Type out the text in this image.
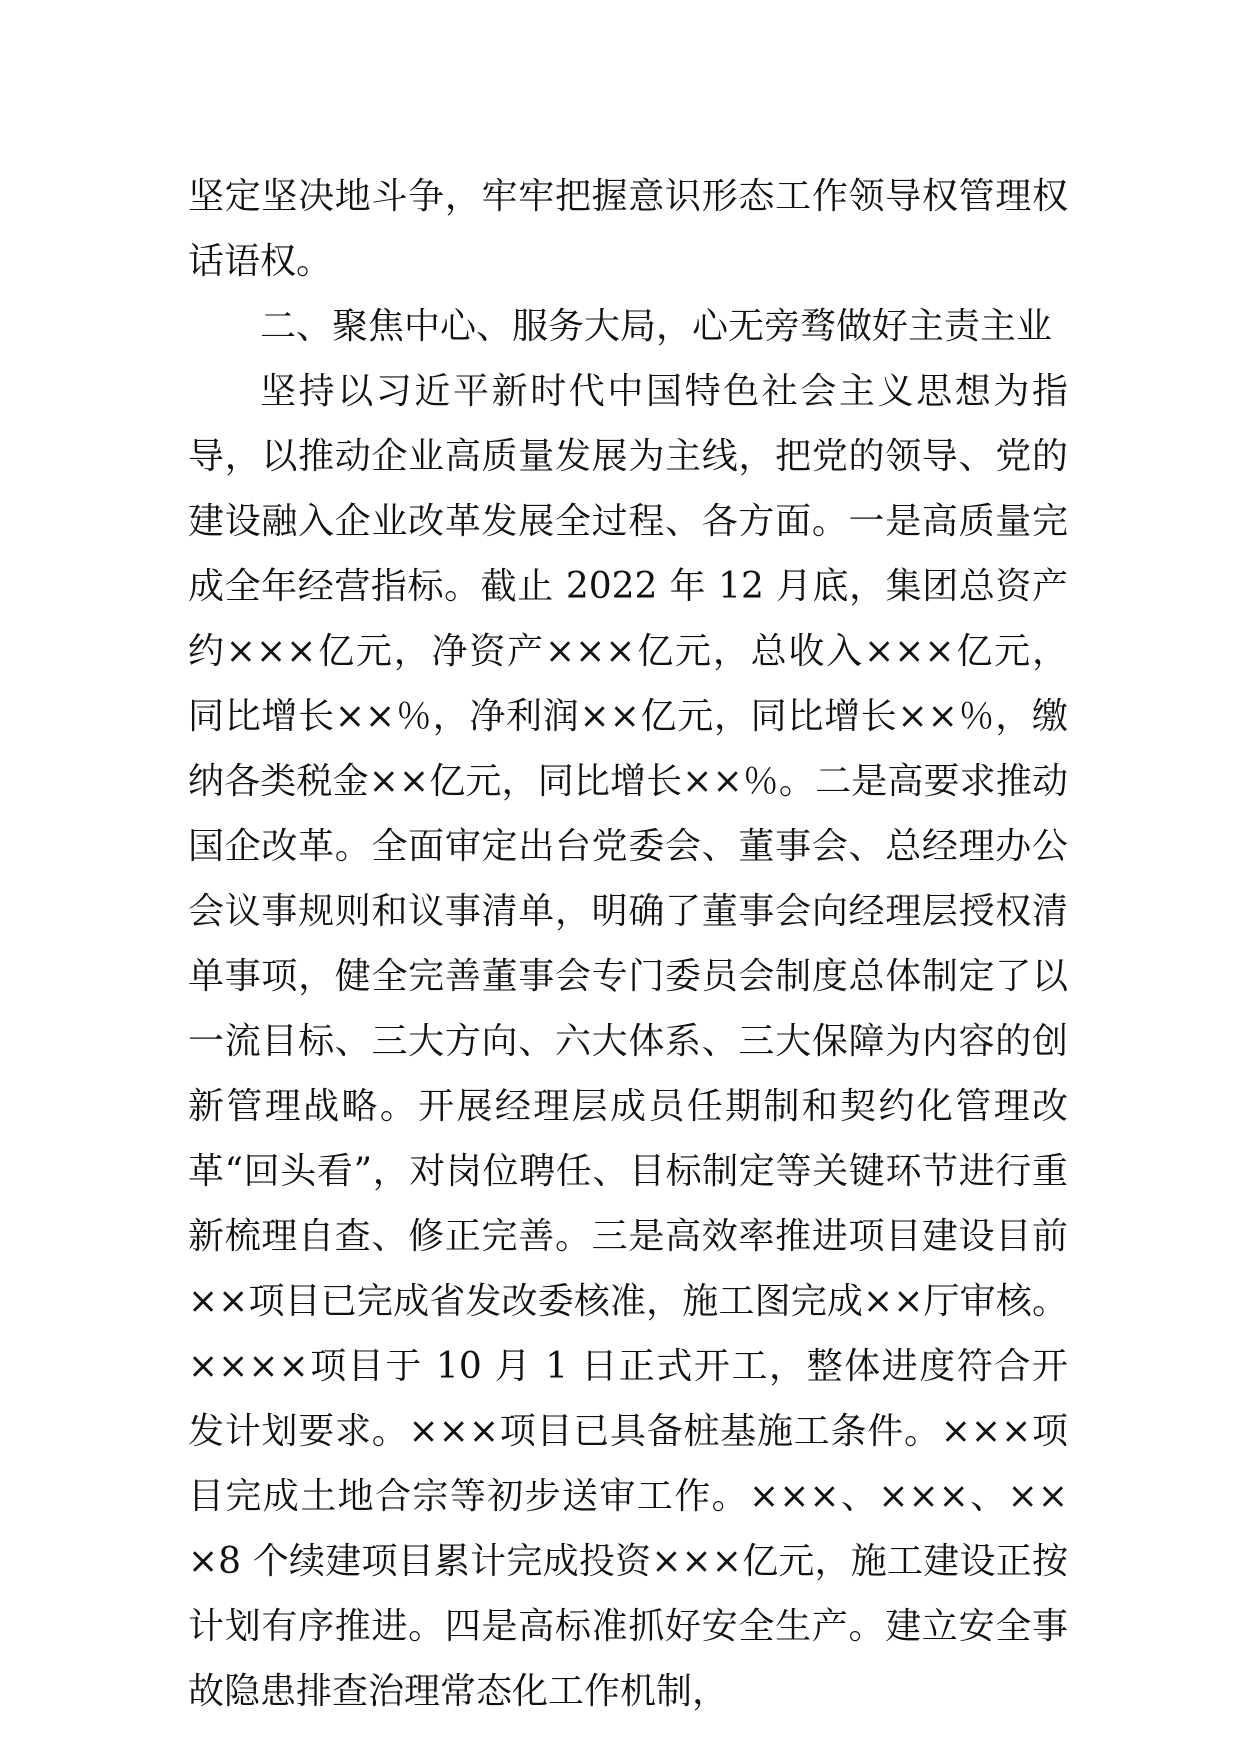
坚定坚决地斗争，牢牢把握意识形态工作领导权管理权话语权。

二、聚焦中心、服务大局，心无旁骛做好主责主业

坚持以习近平新时代中国特色社会主义思想为指导，以推动企业高质量发展为主线，把党的领导、党的建设融入企业改革发展全过程、各方面。一是高质量完成全年经营指标。截止 2022 年 12 月底，集团总资产约×××亿元，净资产×××亿元，总收入×××亿元，同比增长××％，净利润××亿元，同比增长××％，缴纳各类税金××亿元，同比增长××％。二是高要求推动国企改革。全面审定出台党委会、董事会、总经理办公会议事规则和议事清单，明确了董事会向经理层授权清单事项，健全完善董事会专门委员会制度总体制定了以一流目标、三大方向、六大体系、三大保障为内容的创新管理战略。开展经理层成员任期制和契约化管理改革“回头看”，对岗位聘任、目标制定等关键环节进行重新梳理自查、修正完善。三是高效率推进项目建设目前××项目已完成省发改委核准，施工图完成××厅审核。××××项目于 10 月 1 日正式开工，整体进度符合开发计划要求。×××项目已具备桩基施工条件。×××项目完成土地合宗等初步送审工作。×××、×××、×××8 个续建项目累计完成投资×××亿元，施工建设正按计划有序推进。四是高标准抓好安全生产。建立安全事故隐患排查治理常态化工作机制，
